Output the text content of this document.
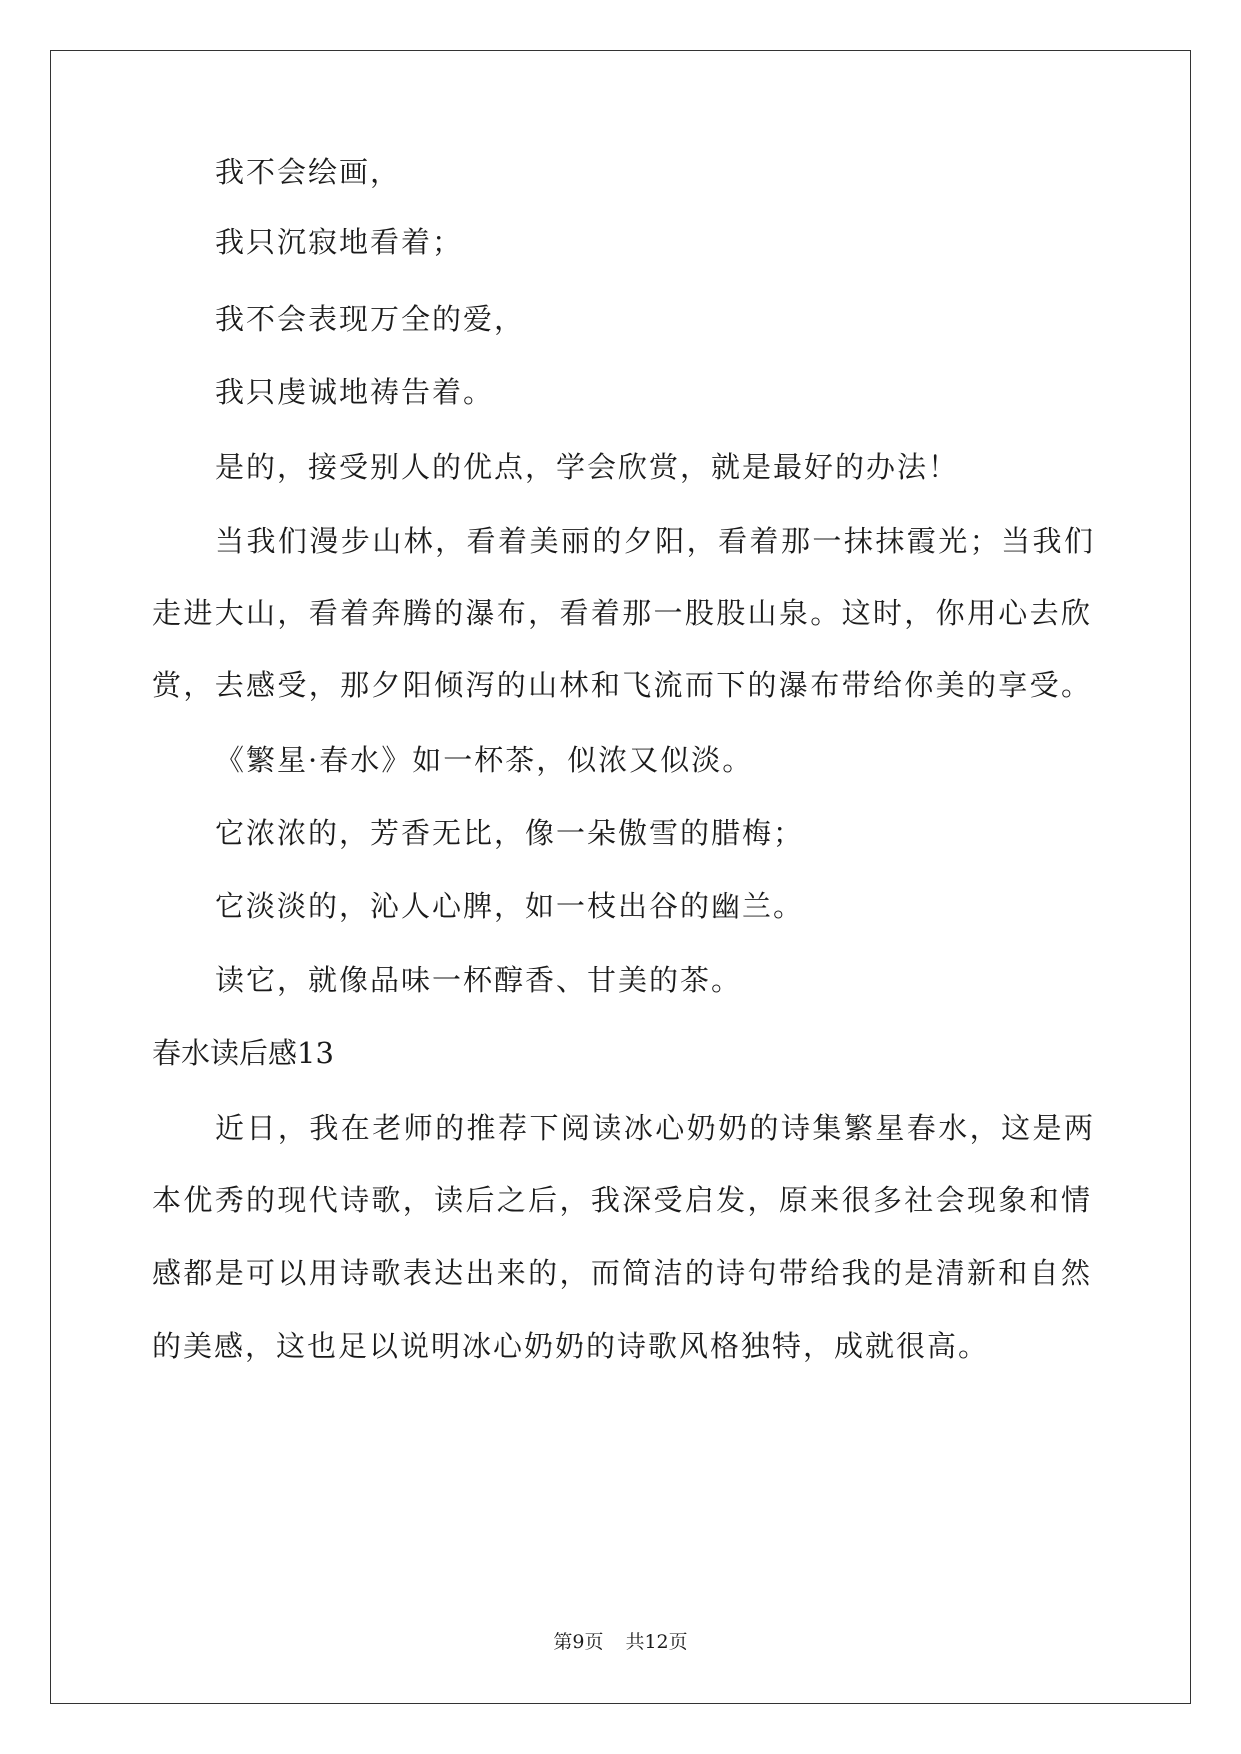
我不会绘画，
我只沉寂地看着；
我不会表现万全的爱，
我只虔诚地祷告着。
是的，接受别人的优点，学会欣赏，就是最好的办法！
当我们漫步山林，看着美丽的夕阳，看着那一抹抹霞光；当我们
走进大山，看着奔腾的瀑布，看着那一股股山泉。这时，你用心去欣
赏，去感受，那夕阳倾泻的山林和飞流而下的瀑布带给你美的享受。
《繁星·春水》如一杯茶，似浓又似淡。
它浓浓的，芳香无比，像一朵傲雪的腊梅；
它淡淡的，沁人心脾，如一枝出谷的幽兰。
读它，就像品味一杯醇香、甘美的茶。
春水读后感13
近日，我在老师的推荐下阅读冰心奶奶的诗集繁星春水，这是两
本优秀的现代诗歌，读后之后，我深受启发，原来很多社会现象和情
感都是可以用诗歌表达出来的，而简洁的诗句带给我的是清新和自然
的美感，这也足以说明冰心奶奶的诗歌风格独特，成就很高。
第9页 共12页
